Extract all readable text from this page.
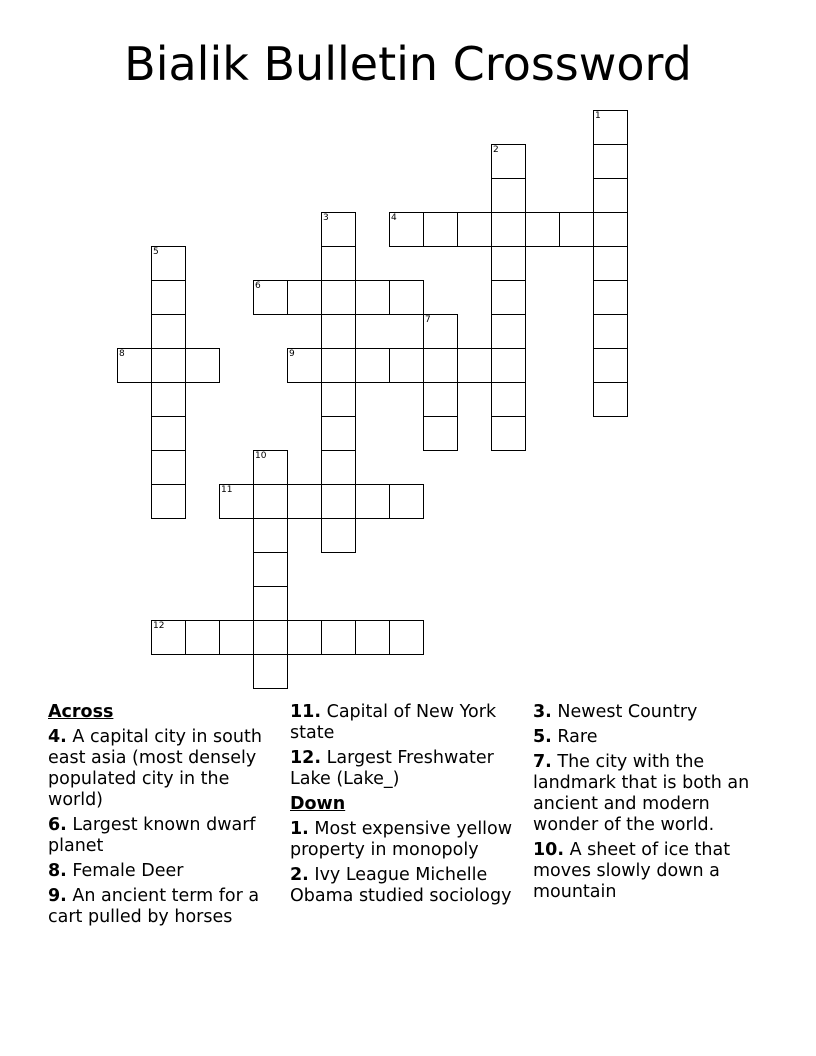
Bialik Bulletin Crossword
1
2
3	4
5
6
7
8	9
10
11
12
Across
4. A capital city in south east asia (most densely populated city in the world)
6. Largest known dwarf planet
8. Female Deer
9. An ancient term for a cart pulled by horses
11. Capital of New York state
12. Largest Freshwater Lake (Lake_)
Down
1. Most expensive yellow property in monopoly
2. Ivy League Michelle Obama studied sociology
3. Newest Country
5. Rare
7. The city with the landmark that is both an ancient and modern wonder of the world.
10. A sheet of ice that moves slowly down a mountain
